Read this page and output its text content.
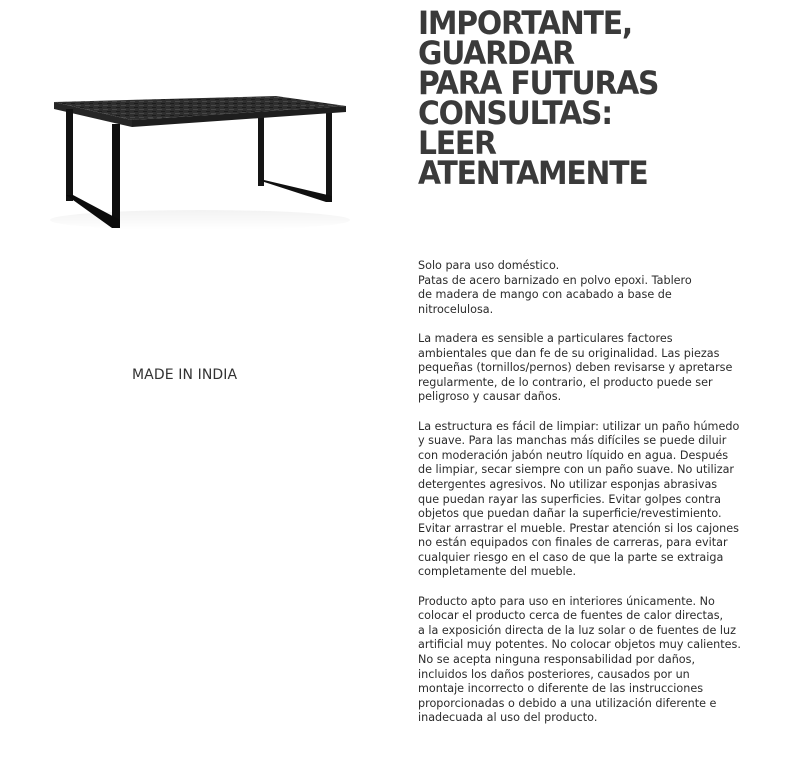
MADE IN INDIA
IMPORTANTE,
GUARDAR
PARA FUTURAS
CONSULTAS:
LEER
ATENTAMENTE

Solo para uso doméstico.
Patas de acero barnizado en polvo epoxi. Tablero
de madera de mango con acabado a base de
nitrocelulosa.

La madera es sensible a particulares factores
ambientales que dan fe de su originalidad. Las piezas
pequeñas (tornillos/pernos) deben revisarse y apretarse
regularmente, de lo contrario, el producto puede ser
peligroso y causar daños.

La estructura es fácil de limpiar: utilizar un paño húmedo
y suave. Para las manchas más difíciles se puede diluir
con moderación jabón neutro líquido en agua. Después
de limpiar, secar siempre con un paño suave. No utilizar
detergentes agresivos. No utilizar esponjas abrasivas
que puedan rayar las superficies. Evitar golpes contra
objetos que puedan dañar la superficie/revestimiento.
Evitar arrastrar el mueble. Prestar atención si los cajones
no están equipados con finales de carreras, para evitar
cualquier riesgo en el caso de que la parte se extraiga
completamente del mueble.

Producto apto para uso en interiores únicamente. No
colocar el producto cerca de fuentes de calor directas,
a la exposición directa de la luz solar o de fuentes de luz
artificial muy potentes. No colocar objetos muy calientes.
No se acepta ninguna responsabilidad por daños,
incluidos los daños posteriores, causados por un
montaje incorrecto o diferente de las instrucciones
proporcionadas o debido a una utilización diferente e
inadecuada al uso del producto.
